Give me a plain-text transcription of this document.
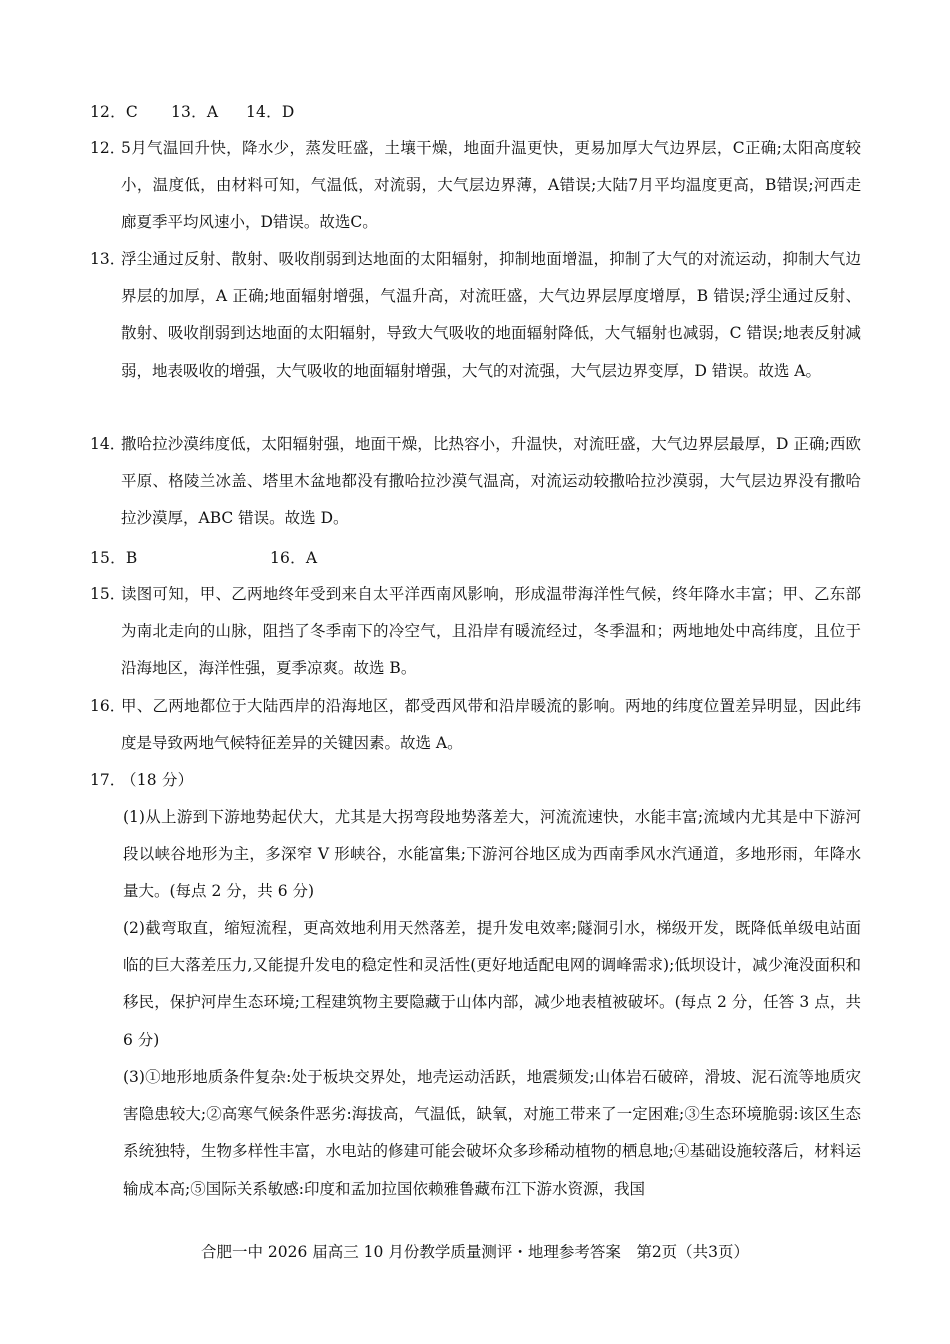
12．C 13．A 14．D
12．
5月气温回升快，降水少，蒸发旺盛，土壤干燥，地面升温更快，更易加厚大气边界层，C正确;太阳高度较小，温度低，由材料可知，气温低，对流弱，大气层边界薄，A错误;大陆7月平均温度更高，B错误;河西走廊夏季平均风速小，D错误。故选C。
13．
浮尘通过反射、散射、吸收削弱到达地面的太阳辐射，抑制地面增温，抑制了大气的对流运动，抑制大气边界层的加厚，A 正确;地面辐射增强，气温升高，对流旺盛，大气边界层厚度增厚，B 错误;浮尘通过反射、散射、吸收削弱到达地面的太阳辐射，导致大气吸收的地面辐射降低，大气辐射也减弱，C 错误;地表反射减弱，地表吸收的增强，大气吸收的地面辐射增强，大气的对流强，大气层边界变厚，D 错误。故选 A。
14．
撒哈拉沙漠纬度低，太阳辐射强，地面干燥，比热容小，升温快，对流旺盛，大气边界层最厚，D 正确;西欧平原、格陵兰冰盖、塔里木盆地都没有撒哈拉沙漠气温高，对流运动较撒哈拉沙漠弱，大气层边界没有撒哈拉沙漠厚，ABC 错误。故选 D。
15．B	16．A
15．
读图可知，甲、乙两地终年受到来自太平洋西南风影响，形成温带海洋性气候，终年降水丰富；甲、乙东部为南北走向的山脉，阻挡了冬季南下的冷空气，且沿岸有暖流经过，冬季温和；两地地处中高纬度，且位于沿海地区，海洋性强，夏季凉爽。故选 B。
16．
甲、乙两地都位于大陆西岸的沿海地区，都受西风带和沿岸暖流的影响。两地的纬度位置差异明显，因此纬度是导致两地气候特征差异的关键因素。故选 A。
17．
（18 分）
(1)从上游到下游地势起伏大，尤其是大拐弯段地势落差大，河流流速快，水能丰富;流域内尤其是中下游河段以峡谷地形为主，多深窄 V 形峡谷，水能富集;下游河谷地区成为西南季风水汽通道，多地形雨，年降水量大。(每点 2 分，共 6 分)
(2)截弯取直，缩短流程，更高效地利用天然落差，提升发电效率;隧洞引水，梯级开发，既降低单级电站面临的巨大落差压力,又能提升发电的稳定性和灵活性(更好地适配电网的调峰需求);低坝设计，减少淹没面积和移民，保护河岸生态环境;工程建筑物主要隐藏于山体内部，减少地表植被破坏。(每点 2 分，任答 3 点，共 6 分)
(3)①地形地质条件复杂:处于板块交界处，地壳运动活跃，地震频发;山体岩石破碎，滑坡、泥石流等地质灾害隐患较大;②高寒气候条件恶劣:海拔高，气温低，缺氧，对施工带来了一定困难;③生态环境脆弱:该区生态系统独特，生物多样性丰富，水电站的修建可能会破坏众多珍稀动植物的栖息地;④基础设施较落后，材料运输成本高;⑤国际关系敏感:印度和孟加拉国依赖雅鲁藏布江下游水资源，我国
合肥一中 2026 届高三 10 月份教学质量测评・地理参考答案　第2页（共3页）
